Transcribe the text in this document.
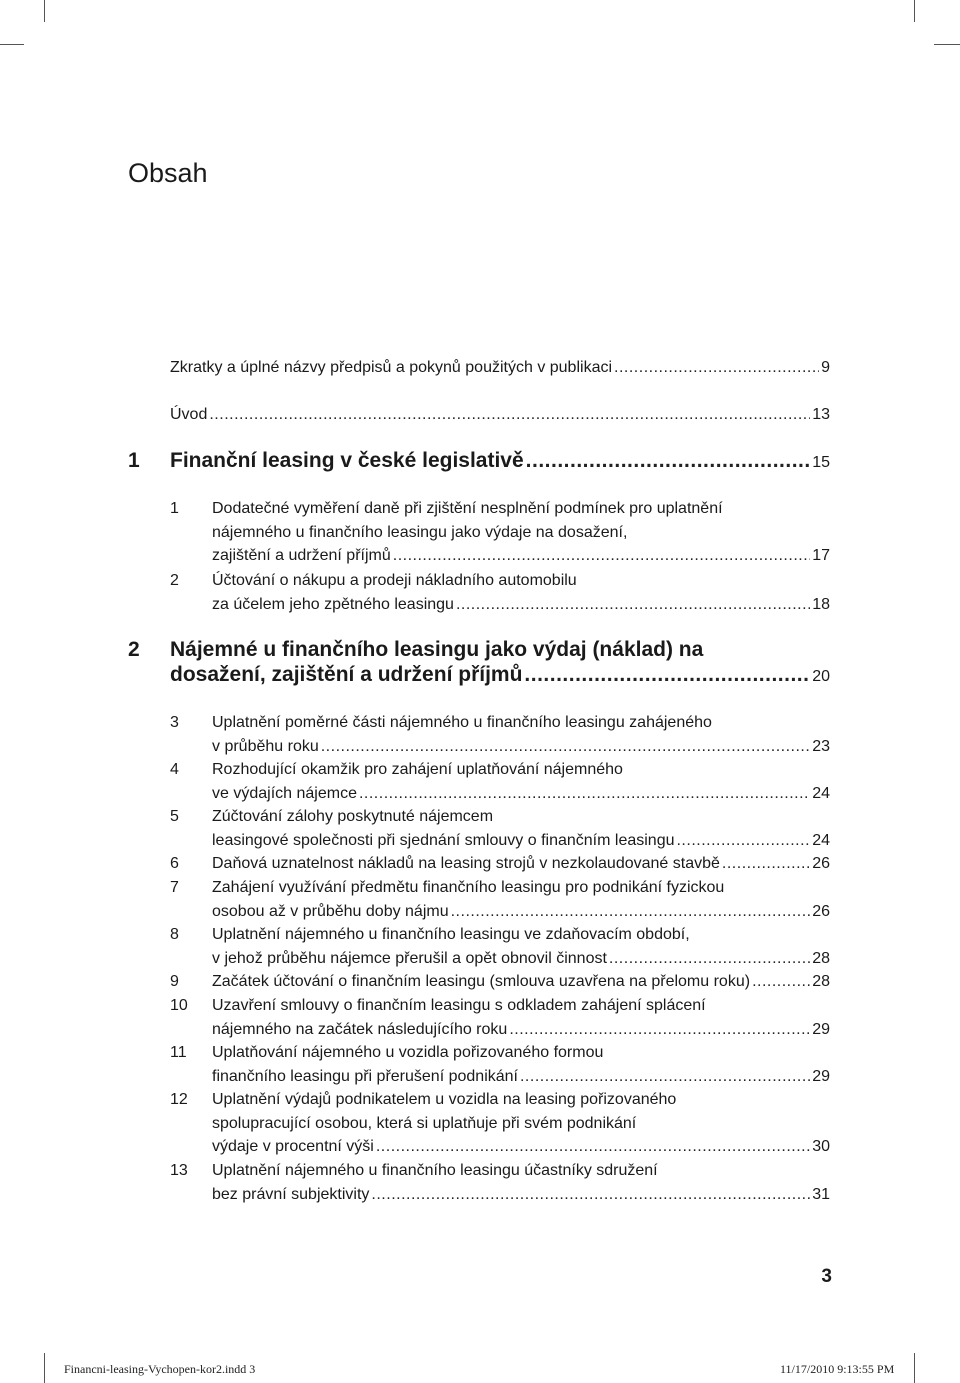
Obsah
Zkratky a úplné názvy předpisů a pokynů použitých v publikaci .....	9
Úvod .....	13
1 Finanční leasing v české legislativě .....	15
1 Dodatečné vyměření daně při zjištění nesplnění podmínek pro uplatnění
nájemného u finančního leasingu jako výdaje na dosažení,
zajištění a udržení příjmů .....	17
2 Účtování o nákupu a prodeji nákladního automobilu
za účelem jeho zpětného leasingu .....	18
2 Nájemné u finančního leasingu jako výdaj (náklad) na
dosažení, zajištění a udržení příjmů .....	20
3 Uplatnění poměrné části nájemného u finančního leasingu zahájeného
v průběhu roku .....	23
4 Rozhodující okamžik pro zahájení uplatňování nájemného
ve výdajích nájemce .....	24
5 Zúčtování zálohy poskytnuté nájemcem
leasingové společnosti při sjednání smlouvy o finančním leasingu .....	24
6 Daňová uznatelnost nákladů na leasing strojů v nezkolaudované stavbě .....	26
7 Zahájení využívání předmětu finančního leasingu pro podnikání fyzickou
osobou až v průběhu doby nájmu .....	26
8 Uplatnění nájemného u finančního leasingu ve zdaňovacím období,
v jehož průběhu nájemce přerušil a opět obnovil činnost .....	28
9 Začátek účtování o finančním leasingu (smlouva uzavřena na přelomu roku) .....	28
10 Uzavření smlouvy o finančním leasingu s odkladem zahájení splácení
nájemného na začátek následujícího roku .....	29
11 Uplatňování nájemného u vozidla pořizovaného formou
finančního leasingu při přerušení podnikání .....	29
12 Uplatnění výdajů podnikatelem u vozidla na leasing pořizovaného
spolupracující osobou, která si uplatňuje při svém podnikání
výdaje v procentní výši .....	30
13 Uplatnění nájemného u finančního leasingu účastníky sdružení
bez právní subjektivity .....	31
3
Financni-leasing-Vychopen-kor2.indd 3	11/17/2010 9:13:55 PM
